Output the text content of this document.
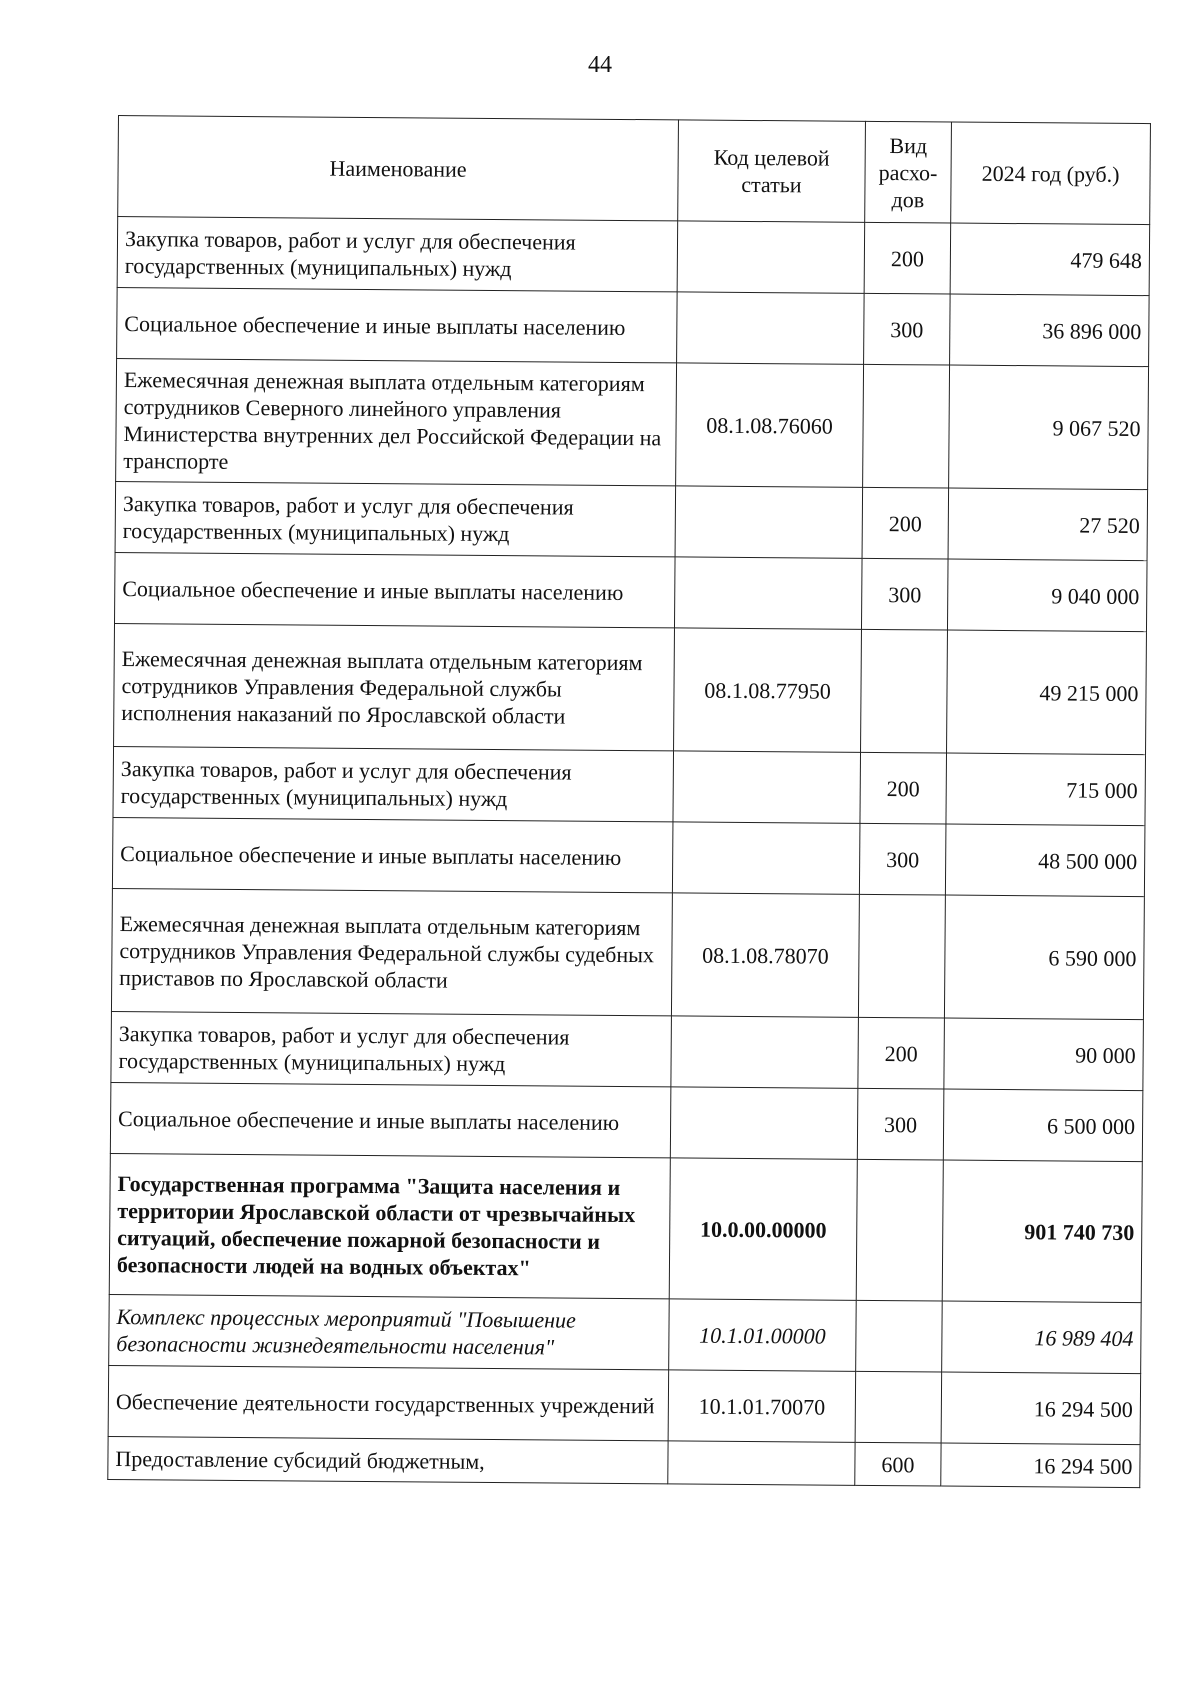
44
Наименование	Код целевой статьи	Вид расхо-дов	2024 год (руб.)
Закупка товаров, работ и услуг для обеспечения государственных (муниципальных) нужд		200	479 648
Социальное обеспечение и иные выплаты населению		300	36 896 000
Ежемесячная денежная выплата отдельным категориям сотрудников Северного линейного управления Министерства внутренних дел Российской Федерации на транспорте	08.1.08.76060		9 067 520
Закупка товаров, работ и услуг для обеспечения государственных (муниципальных) нужд		200	27 520
Социальное обеспечение и иные выплаты населению		300	9 040 000
Ежемесячная денежная выплата отдельным категориям сотрудников Управления Федеральной службы исполнения наказаний по Ярославской области	08.1.08.77950		49 215 000
Закупка товаров, работ и услуг для обеспечения государственных (муниципальных) нужд		200	715 000
Социальное обеспечение и иные выплаты населению		300	48 500 000
Ежемесячная денежная выплата отдельным категориям сотрудников Управления Федеральной службы судебных приставов по Ярославской области	08.1.08.78070		6 590 000
Закупка товаров, работ и услуг для обеспечения государственных (муниципальных) нужд		200	90 000
Социальное обеспечение и иные выплаты населению		300	6 500 000
Государственная программа "Защита населения и территории Ярославской области от чрезвычайных ситуаций, обеспечение пожарной безопасности и безопасности людей на водных объектах"	10.0.00.00000		901 740 730
Комплекс процессных мероприятий "Повышение безопасности жизнедеятельности населения"	10.1.01.00000		16 989 404
Обеспечение деятельности государственных учреждений	10.1.01.70070		16 294 500
Предоставление субсидий бюджетным,		600	16 294 500
